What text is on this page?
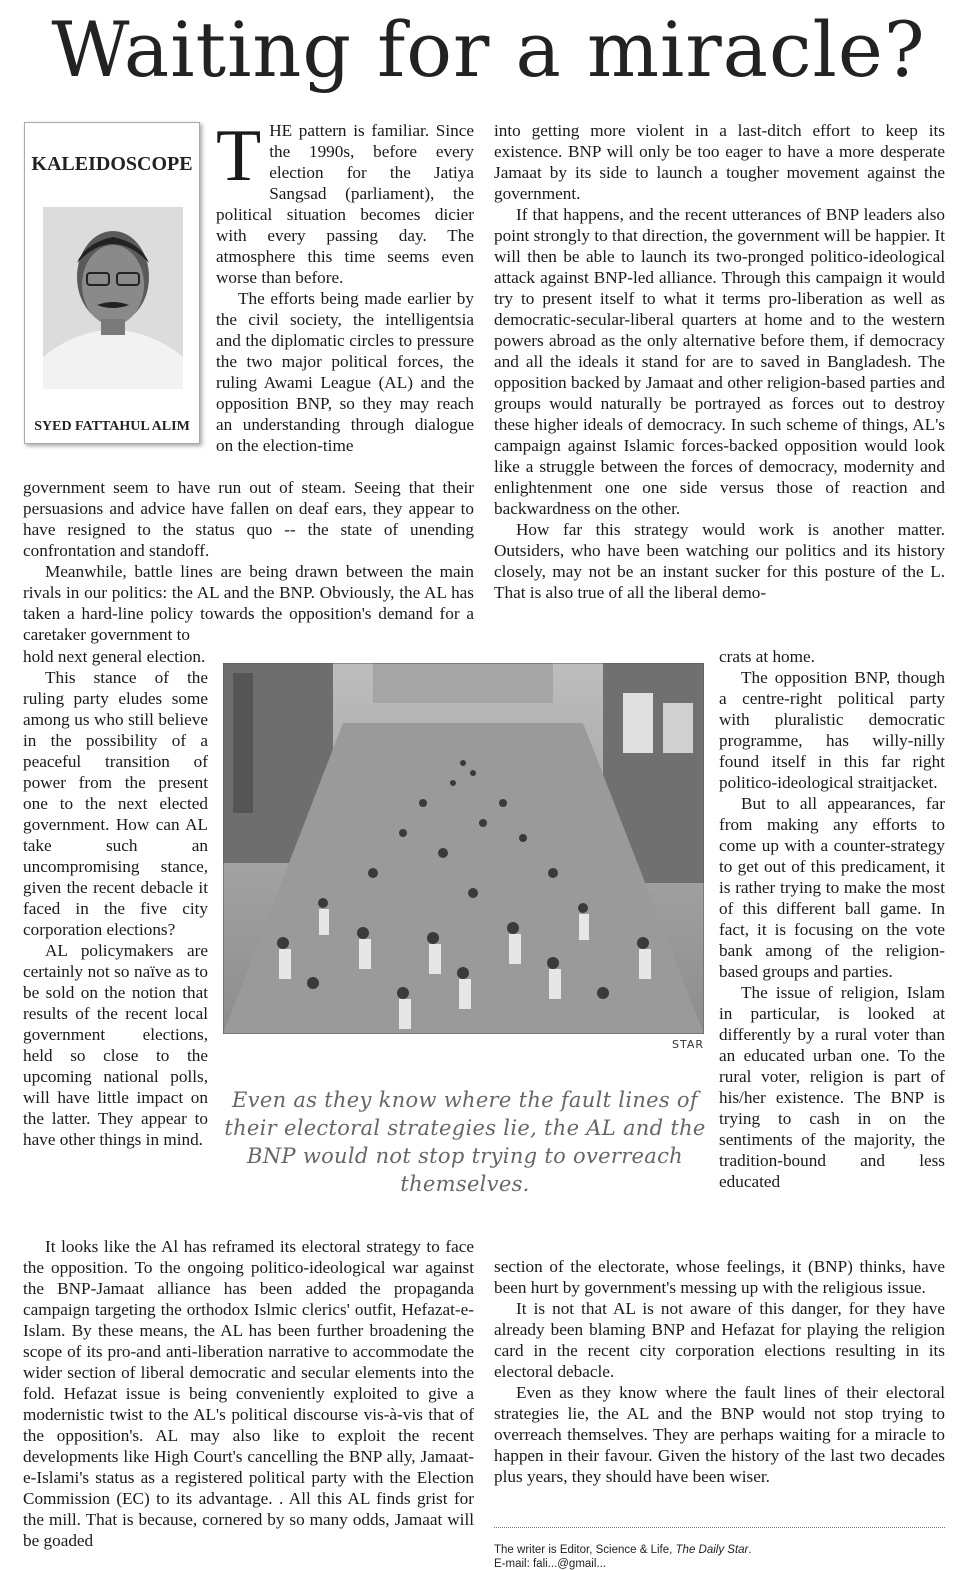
Waiting for a miracle?
KALEIDOSCOPE
SYED FATTAHUL ALIM
T HE pattern is familiar. Since the 1990s, before every election for the Jatiya Sangsad (parliament), the political situation becomes dicier with every passing day. The atmosphere this time seems even worse than before.

The efforts being made earlier by the civil society, the intelligentsia and the diplomatic circles to pressure the two major political forces, the ruling Awami League (AL) and the opposition BNP, so they may reach an understanding through dialogue on the election-time

government seem to have run out of steam. Seeing that their persuasions and advice have fallen on deaf ears, they appear to have resigned to the status quo -- the state of unending confrontation and standoff.

Meanwhile, battle lines are being drawn between the main rivals in our politics: the AL and the BNP. Obviously, the AL has taken a hard-line policy towards the opposition's demand for a caretaker government to

hold next general election.

This stance of the ruling party eludes some among us who still believe in the possibility of a peaceful transition of power from the present one to the next elected government. How can AL take such an uncompromising stance, given the recent debacle it faced in the five city corporation elections?

AL policymakers are certainly not so naïve as to be sold on the notion that results of the recent local government elections, held so close to the upcoming national polls, will have little impact on the latter. They appear to have other things in mind.

It looks like the Al has reframed its electoral strategy to face the opposition. To the ongoing politico-ideological war against the BNP-Jamaat alliance has been added the propaganda campaign targeting the orthodox Islmic clerics' outfit, Hefazat-e-Islam. By these means, the AL has been further broadening the scope of its pro-and anti-liberation narrative to accommodate the wider section of liberal democratic and secular elements into the fold. Hefazat issue is being conveniently exploited to give a modernistic twist to the AL's political discourse vis-à-vis that of the opposition's. AL may also like to exploit the recent developments like High Court's cancelling the BNP ally, Jamaat-e-Islami's status as a registered political party with the Election Commission (EC) to its advantage. . All this AL finds grist for the mill. That is because, cornered by so many odds, Jamaat will be goaded

into getting more violent in a last-ditch effort to keep its existence. BNP will only be too eager to have a more desperate Jamaat by its side to launch a tougher movement against the government.

If that happens, and the recent utterances of BNP leaders also point strongly to that direction, the government will be happier. It will then be able to launch its two-pronged politico-ideological attack against BNP-led alliance. Through this campaign it would try to present itself to what it terms pro-liberation as well as democratic-secular-liberal quarters at home and to the western powers abroad as the only alternative before them, if democracy and all the ideals it stand for are to saved in Bangladesh. The opposition backed by Jamaat and other religion-based parties and groups would naturally be portrayed as forces out to destroy these higher ideals of democracy. In such scheme of things, AL's campaign against Islamic forces-backed opposition would look like a struggle between the forces of democracy, modernity and enlightenment one one side versus those of reaction and backwardness on the other.

How far this strategy would work is another matter. Outsiders, who have been watching our politics and its history closely, may not be an instant sucker for this posture of the L. That is also true of all the liberal demo-

crats at home.

The opposition BNP, though a centre-right political party with pluralistic democratic programme, has willy-nilly found itself in this far right politico-ideological straitjacket.

But to all appearances, far from making any efforts to come up with a counter-strategy to get out of this predicament, it is rather trying to make the most of this different ball game. In fact, it is focusing on the vote bank among of the religion-based groups and parties.

The issue of religion, Islam in particular, is looked at differently by a rural voter than an educated urban one. To the rural voter, religion is part of his/her existence. The BNP is trying to cash in on the sentiments of the majority, the tradition-bound and less educated

section of the electorate, whose feelings, it (BNP) thinks, have been hurt by government's messing up with the religious issue.

It is not that AL is not aware of this danger, for they have already been blaming BNP and Hefazat for playing the religion card in the recent city corporation elections resulting in its electoral debacle.

Even as they know where the fault lines of their electoral strategies lie, the AL and the BNP would not stop trying to overreach themselves. They are perhaps waiting for a miracle to happen in their favour. Given the history of the last two decades plus years, they should have been wiser.

STAR
Even as they know where the fault lines of their electoral strategies lie, the AL and the BNP would not stop trying to overreach themselves.
The writer is Editor, Science & Life, The Daily Star.
E-mail: fali...@gmail...
